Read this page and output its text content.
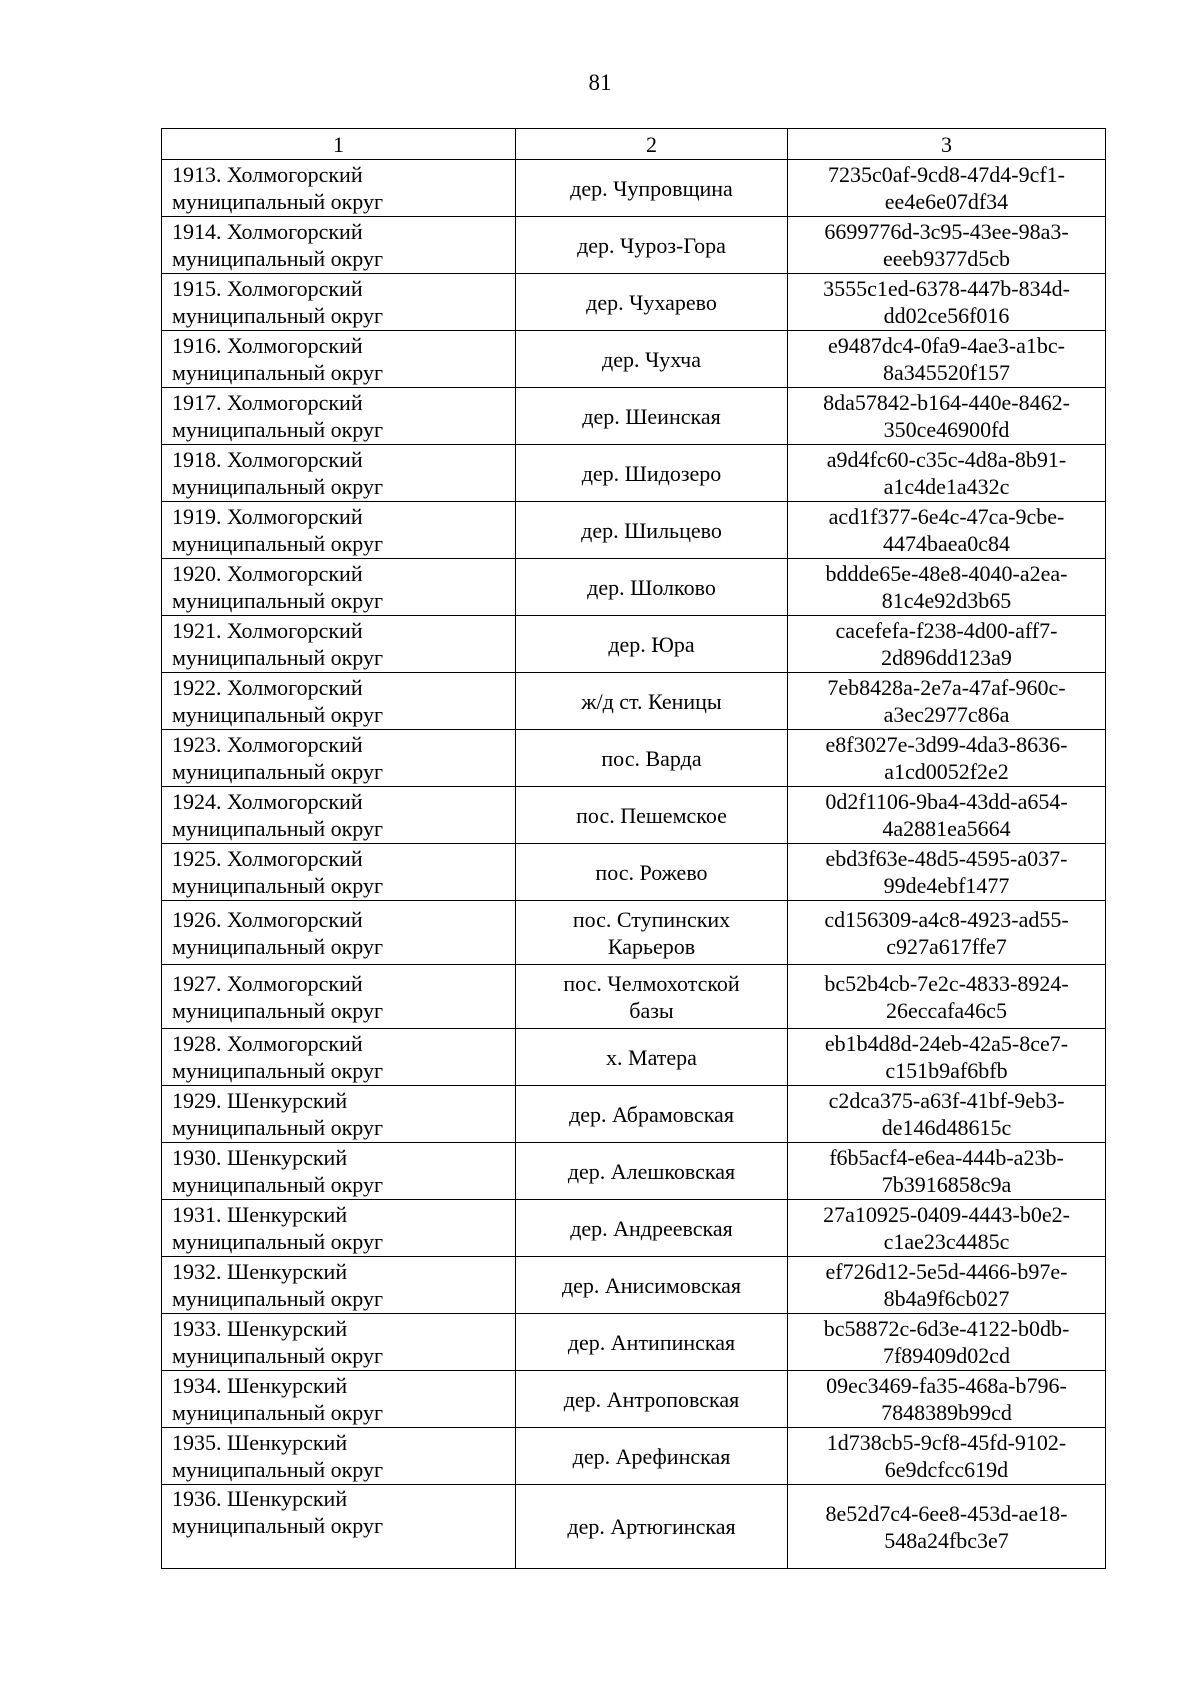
81
1	2	3

1913. Холмогорский
муниципальный округ	дер. Чупровщина	7235c0af-9cd8-47d4-9cf1-
ee4e6e07df34

1914. Холмогорский
муниципальный округ	дер. Чуроз-Гора	6699776d-3c95-43ee-98a3-
eeeb9377d5cb

1915. Холмогорский
муниципальный округ	дер. Чухарево	3555c1ed-6378-447b-834d-
dd02ce56f016

1916. Холмогорский
муниципальный округ	дер. Чухча	e9487dc4-0fa9-4ae3-a1bc-
8a345520f157

1917. Холмогорский
муниципальный округ	дер. Шеинская	8da57842-b164-440e-8462-
350ce46900fd

1918. Холмогорский
муниципальный округ	дер. Шидозеро	a9d4fc60-c35c-4d8a-8b91-
a1c4de1a432c

1919. Холмогорский
муниципальный округ	дер. Шильцево	acd1f377-6e4c-47ca-9cbe-
4474baea0c84

1920. Холмогорский
муниципальный округ	дер. Шолково	bddde65e-48e8-4040-a2ea-
81c4e92d3b65

1921. Холмогорский
муниципальный округ	дер. Юра	cacefefa-f238-4d00-aff7-
2d896dd123a9

1922. Холмогорский
муниципальный округ	ж/д ст. Кеницы	7eb8428a-2e7a-47af-960c-
a3ec2977c86a

1923. Холмогорский
муниципальный округ	пос. Варда	e8f3027e-3d99-4da3-8636-
a1cd0052f2e2

1924. Холмогорский
муниципальный округ	пос. Пешемское	0d2f1106-9ba4-43dd-a654-
4a2881ea5664

1925. Холмогорский
муниципальный округ	пос. Рожево	ebd3f63e-48d5-4595-a037-
99de4ebf1477

1926. Холмогорский
муниципальный округ	пос. Ступинских
Карьеров	cd156309-a4c8-4923-ad55-
c927a617ffe7

1927. Холмогорский
муниципальный округ	пос. Челмохотской
базы	bc52b4cb-7e2c-4833-8924-
26eccafa46c5

1928. Холмогорский
муниципальный округ	х. Матера	eb1b4d8d-24eb-42a5-8ce7-
c151b9af6bfb

1929. Шенкурский
муниципальный округ	дер. Абрамовская	c2dca375-a63f-41bf-9eb3-
de146d48615c

1930. Шенкурский
муниципальный округ	дер. Алешковская	f6b5acf4-e6ea-444b-a23b-
7b3916858c9a

1931. Шенкурский
муниципальный округ	дер. Андреевская	27a10925-0409-4443-b0e2-
c1ae23c4485c

1932. Шенкурский
муниципальный округ	дер. Анисимовская	ef726d12-5e5d-4466-b97e-
8b4a9f6cb027

1933. Шенкурский
муниципальный округ	дер. Антипинская	bc58872c-6d3e-4122-b0db-
7f89409d02cd

1934. Шенкурский
муниципальный округ	дер. Антроповская	09ec3469-fa35-468a-b796-
7848389b99cd

1935. Шенкурский
муниципальный округ	дер. Арефинская	1d738cb5-9cf8-45fd-9102-
6e9dcfcc619d

1936. Шенкурский
муниципальный округ	дер. Артюгинская	8e52d7c4-6ee8-453d-ae18-
548a24fbc3e7
